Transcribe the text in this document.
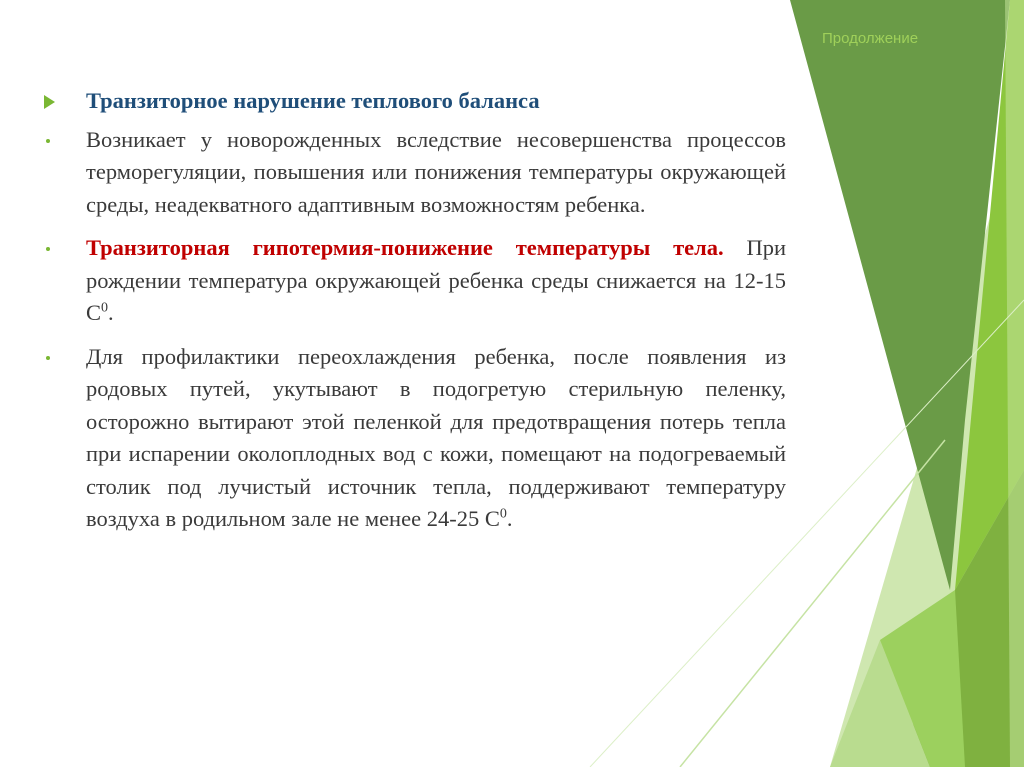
Продолжение
Транзиторное нарушение теплового баланса
Возникает у новорожденных вследствие несовершенства процессов терморегуляции, повышения или понижения температуры окружающей среды, неадекватного адаптивным возможностям ребенка.
Транзиторная гипотермия-понижение температуры тела. При рождении температура окружающей ребенка среды снижается на 12-15 $С^0$.
Для профилактики переохлаждения ребенка, после появления из родовых путей, укутывают в подогретую стерильную пеленку, осторожно вытирают этой пеленкой для предотвращения потерь тепла при испарении околоплодных вод с кожи, помещают на подогреваемый столик под лучистый источник тепла, поддерживают температуру воздуха в родильном зале не менее 24-25 $С^0$.
